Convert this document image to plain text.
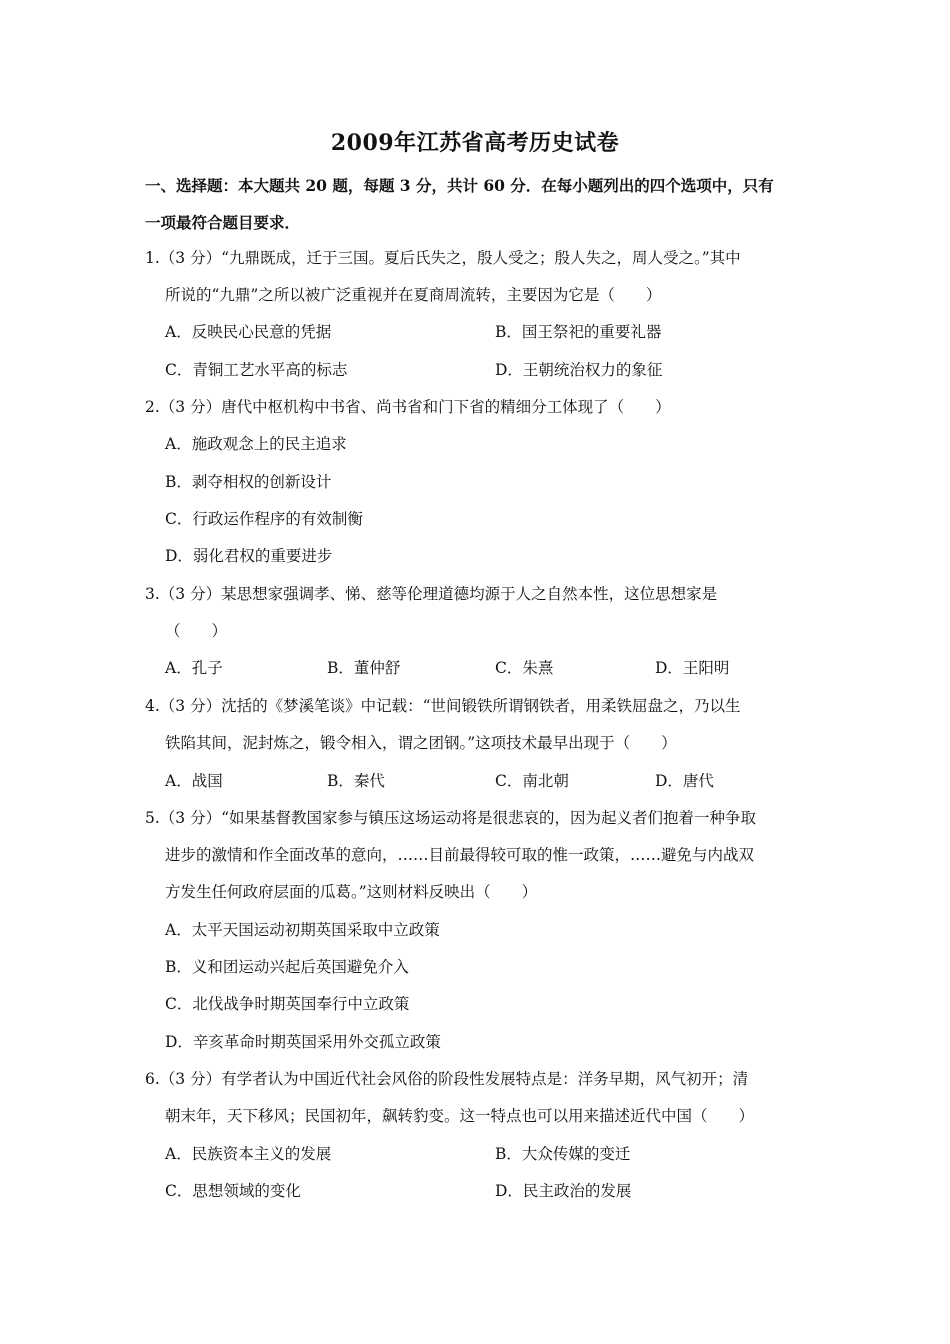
2009年江苏省高考历史试卷
一、选择题：本大题共 20 题，每题 3 分，共计 60 分．在每小题列出的四个选项中，只有
一项最符合题目要求．
1.（3 分）“九鼎既成，迁于三国。夏后氏失之，殷人受之；殷人失之，周人受之。”其中
所说的“九鼎”之所以被广泛重视并在夏商周流转，主要因为它是（　　）
A．反映民心民意的凭据	B．国王祭祀的重要礼器
C．青铜工艺水平高的标志	D．王朝统治权力的象征
2.（3 分）唐代中枢机构中书省、尚书省和门下省的精细分工体现了（　　）
A．施政观念上的民主追求
B．剥夺相权的创新设计
C．行政运作程序的有效制衡
D．弱化君权的重要进步
3.（3 分）某思想家强调孝、悌、慈等伦理道德均源于人之自然本性，这位思想家是
（　　）
A．孔子	B．董仲舒	C．朱熹	D．王阳明
4.（3 分）沈括的《梦溪笔谈》中记载：“世间锻铁所谓钢铁者，用柔铁屈盘之，乃以生
铁陷其间，泥封炼之，锻令相入，谓之团钢。”这项技术最早出现于（　　）
A．战国	B．秦代	C．南北朝	D．唐代
5.（3 分）“如果基督教国家参与镇压这场运动将是很悲哀的，因为起义者们抱着一种争取
进步的激情和作全面改革的意向，……目前最得较可取的惟一政策，……避免与内战双
方发生任何政府层面的瓜葛。”这则材料反映出（　　）
A．太平天国运动初期英国采取中立政策
B．义和团运动兴起后英国避免介入
C．北伐战争时期英国奉行中立政策
D．辛亥革命时期英国采用外交孤立政策
6.（3 分）有学者认为中国近代社会风俗的阶段性发展特点是：洋务早期，风气初开；清
朝末年，天下移风；民国初年，飙转豹变。这一特点也可以用来描述近代中国（　　）
A．民族资本主义的发展	B．大众传媒的变迁
C．思想领域的变化	D．民主政治的发展
